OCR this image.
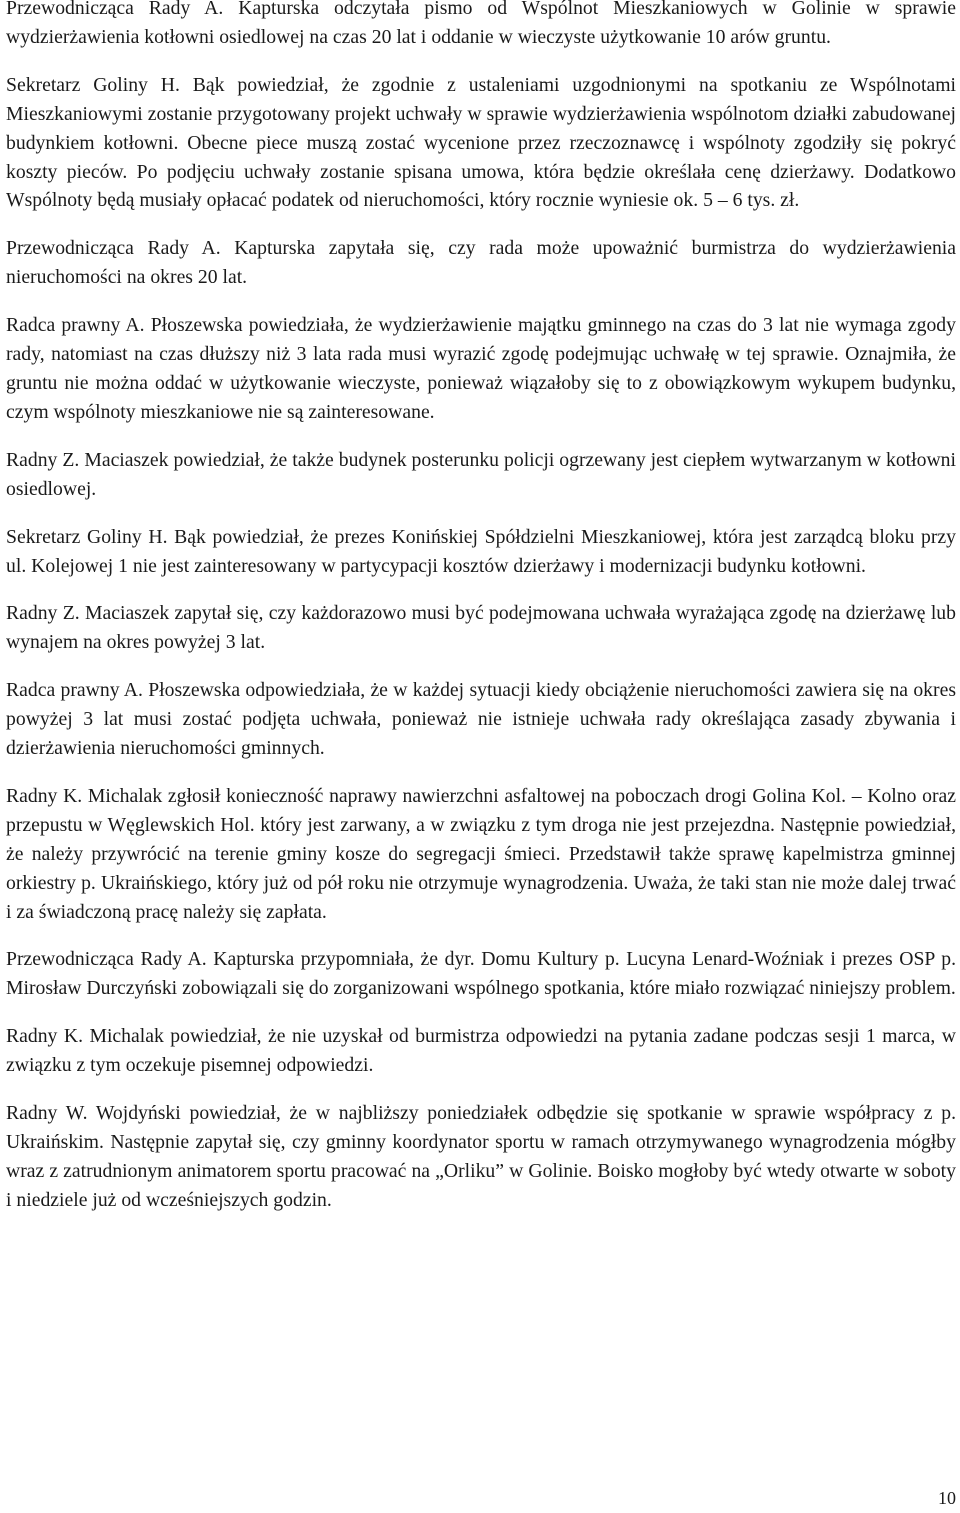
Przewodnicząca Rady A. Kapturska odczytała pismo od Wspólnot Mieszkaniowych w Golinie w sprawie wydzierżawienia kotłowni osiedlowej na czas 20 lat i oddanie w wieczyste użytkowanie 10 arów gruntu.

Sekretarz Goliny H. Bąk powiedział, że zgodnie z ustaleniami uzgodnionymi na spotkaniu ze Wspólnotami Mieszkaniowymi zostanie przygotowany projekt uchwały w sprawie wydzierżawienia wspólnotom działki zabudowanej budynkiem kotłowni. Obecne piece muszą zostać wycenione przez rzeczoznawcę i wspólnoty zgodziły się pokryć koszty pieców. Po podjęciu uchwały zostanie spisana umowa, która będzie określała cenę dzierżawy. Dodatkowo Wspólnoty będą musiały opłacać podatek od nieruchomości, który rocznie wyniesie ok. 5 – 6 tys. zł.

Przewodnicząca Rady A. Kapturska zapytała się, czy rada może upoważnić burmistrza do wydzierżawienia nieruchomości na okres 20 lat.

Radca prawny A. Płoszewska powiedziała, że wydzierżawienie majątku gminnego na czas do 3 lat nie wymaga zgody rady, natomiast na czas dłuższy niż 3 lata rada musi wyrazić zgodę podejmując uchwałę w tej sprawie. Oznajmiła, że gruntu nie można oddać w użytkowanie wieczyste, ponieważ wiązałoby się to z obowiązkowym wykupem budynku, czym wspólnoty mieszkaniowe nie są zainteresowane.

Radny Z. Maciaszek powiedział, że także budynek posterunku policji ogrzewany jest ciepłem wytwarzanym w kotłowni osiedlowej.

Sekretarz Goliny H. Bąk powiedział, że prezes Konińskiej Spółdzielni Mieszkaniowej, która jest zarządcą bloku przy ul. Kolejowej 1 nie jest zainteresowany w partycypacji kosztów dzierżawy i modernizacji budynku kotłowni.

Radny Z. Maciaszek zapytał się, czy każdorazowo musi być podejmowana uchwała wyrażająca zgodę na dzierżawę lub wynajem na okres powyżej 3 lat.

Radca prawny A. Płoszewska odpowiedziała, że w każdej sytuacji kiedy obciążenie nieruchomości zawiera się na okres powyżej 3 lat musi zostać podjęta uchwała, ponieważ nie istnieje uchwała rady określająca zasady zbywania i dzierżawienia nieruchomości gminnych.

Radny K. Michalak zgłosił konieczność naprawy nawierzchni asfaltowej na poboczach drogi Golina Kol. – Kolno oraz przepustu w Węglewskich Hol. który jest zarwany, a w związku z tym droga nie jest przejezdna. Następnie powiedział, że należy przywrócić na terenie gminy kosze do segregacji śmieci. Przedstawił także sprawę kapelmistrza gminnej orkiestry p. Ukraińskiego, który już od pół roku nie otrzymuje wynagrodzenia. Uważa, że taki stan nie może dalej trwać i za świadczoną pracę należy się zapłata.

Przewodnicząca Rady A. Kapturska przypomniała, że dyr. Domu Kultury p. Lucyna Lenard-Woźniak i prezes OSP p. Mirosław Durczyński zobowiązali się do zorganizowani wspólnego spotkania, które miało rozwiązać niniejszy problem.

Radny K. Michalak powiedział, że nie uzyskał od burmistrza odpowiedzi na pytania zadane podczas sesji 1 marca, w związku z tym oczekuje pisemnej odpowiedzi.

Radny W. Wojdyński powiedział, że w najbliższy poniedziałek odbędzie się spotkanie w sprawie współpracy z p. Ukraińskim. Następnie zapytał się, czy gminny koordynator sportu w ramach otrzymywanego wynagrodzenia mógłby wraz z zatrudnionym animatorem sportu pracować na „Orliku” w Golinie. Boisko mogłoby być wtedy otwarte w soboty i niedziele już od wcześniejszych godzin.

10
